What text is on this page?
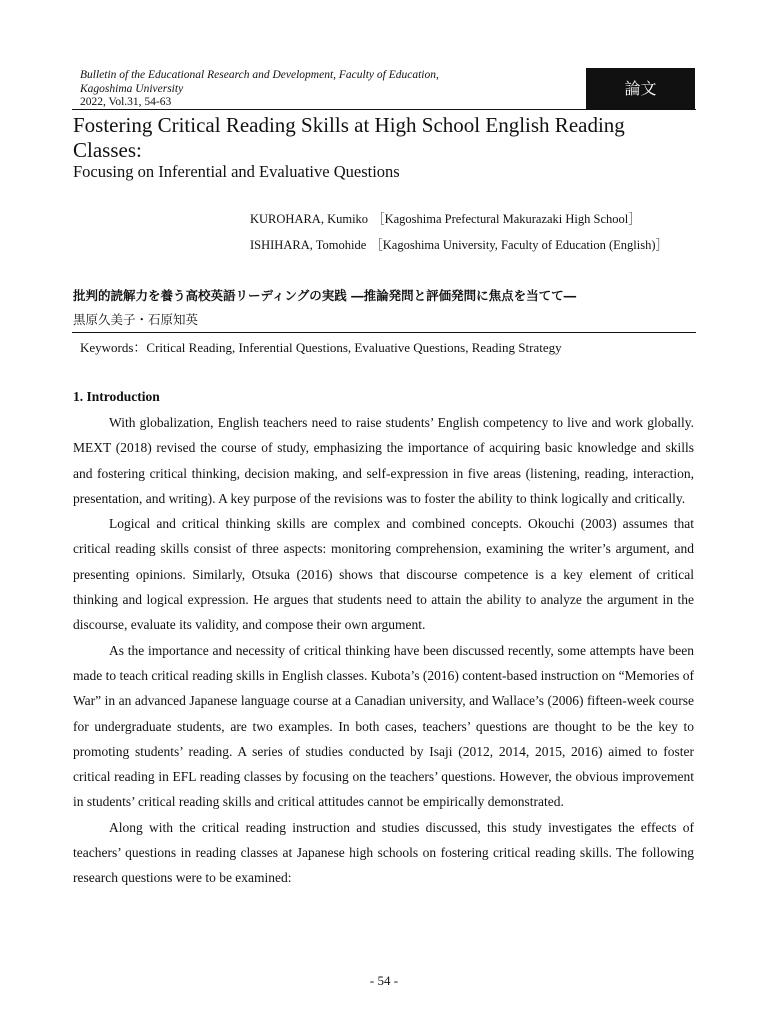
Bulletin of the Educational Research and Development, Faculty of Education,
Kagoshima University
2022, Vol.31, 54-63
論文
Fostering Critical Reading Skills at High School English Reading Classes:
Focusing on Inferential and Evaluative Questions
KUROHARA, Kumiko ［Kagoshima Prefectural Makurazaki High School］
ISHIHARA, Tomohide ［Kagoshima University, Faculty of Education (English)］
批判的読解力を養う高校英語リーディングの実践 ―推論発問と評価発問に焦点を当てて―
黒原久美子・石原知英
Keywords：Critical Reading, Inferential Questions, Evaluative Questions, Reading Strategy
1. Introduction

With globalization, English teachers need to raise students’ English competency to live and work globally. MEXT (2018) revised the course of study, emphasizing the importance of acquiring basic knowledge and skills and fostering critical thinking, decision making, and self-expression in five areas (listening, reading, interaction, presentation, and writing). A key purpose of the revisions was to foster the ability to think logically and critically.

Logical and critical thinking skills are complex and combined concepts. Okouchi (2003) assumes that critical reading skills consist of three aspects: monitoring comprehension, examining the writer’s argument, and presenting opinions. Similarly, Otsuka (2016) shows that discourse competence is a key element of critical thinking and logical expression. He argues that students need to attain the ability to analyze the argument in the discourse, evaluate its validity, and compose their own argument.

As the importance and necessity of critical thinking have been discussed recently, some attempts have been made to teach critical reading skills in English classes. Kubota’s (2016) content-based instruction on “Memories of War” in an advanced Japanese language course at a Canadian university, and Wallace’s (2006) fifteen-week course for undergraduate students, are two examples. In both cases, teachers’ questions are thought to be the key to promoting students’ reading. A series of studies conducted by Isaji (2012, 2014, 2015, 2016) aimed to foster critical reading in EFL reading classes by focusing on the teachers’ questions. However, the obvious improvement in students’ critical reading skills and critical attitudes cannot be empirically demonstrated.

Along with the critical reading instruction and studies discussed, this study investigates the effects of teachers’ questions in reading classes at Japanese high schools on fostering critical reading skills. The following research questions were to be examined:

- 54 -
